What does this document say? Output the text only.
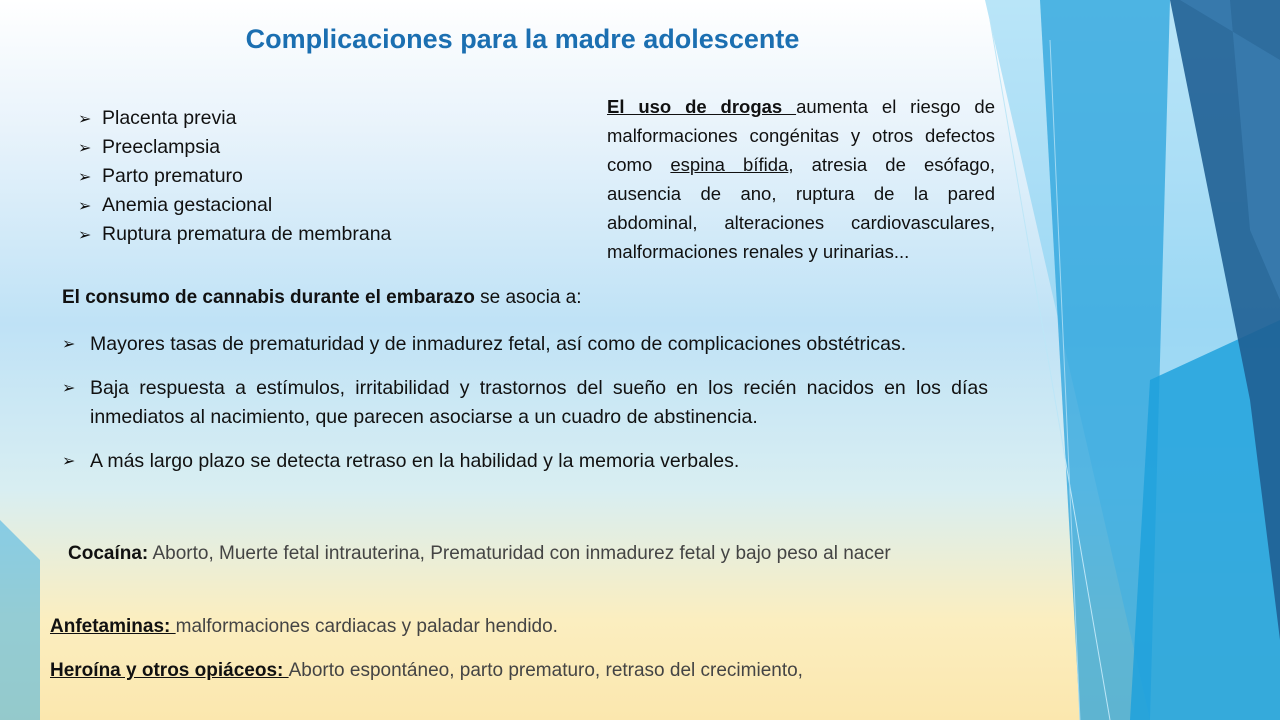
Complicaciones para la madre adolescente
➢ Placenta previa
➢ Preeclampsia
➢ Parto prematuro
➢ Anemia gestacional
➢ Ruptura prematura de membrana

El uso de drogas aumenta el riesgo de malformaciones congénitas y otros defectos como espina bífida, atresia de esófago, ausencia de ano, ruptura de la pared abdominal, alteraciones cardiovasculares, malformaciones renales y urinarias...

El consumo de cannabis durante el embarazo se asocia a:
➢ Mayores tasas de prematuridad y de inmadurez fetal, así como de complicaciones obstétricas.
➢ Baja respuesta a estímulos, irritabilidad y trastornos del sueño en los recién nacidos en los días inmediatos al nacimiento, que parecen asociarse a un cuadro de abstinencia.
➢ A más largo plazo se detecta retraso en la habilidad y la memoria verbales.
Cocaína: Aborto, Muerte fetal intrauterina, Prematuridad con inmadurez fetal y bajo peso al nacer
Anfetaminas: malformaciones cardiacas y paladar hendido.
Heroína y otros opiáceos: Aborto espontáneo, parto prematuro, retraso del crecimiento,
